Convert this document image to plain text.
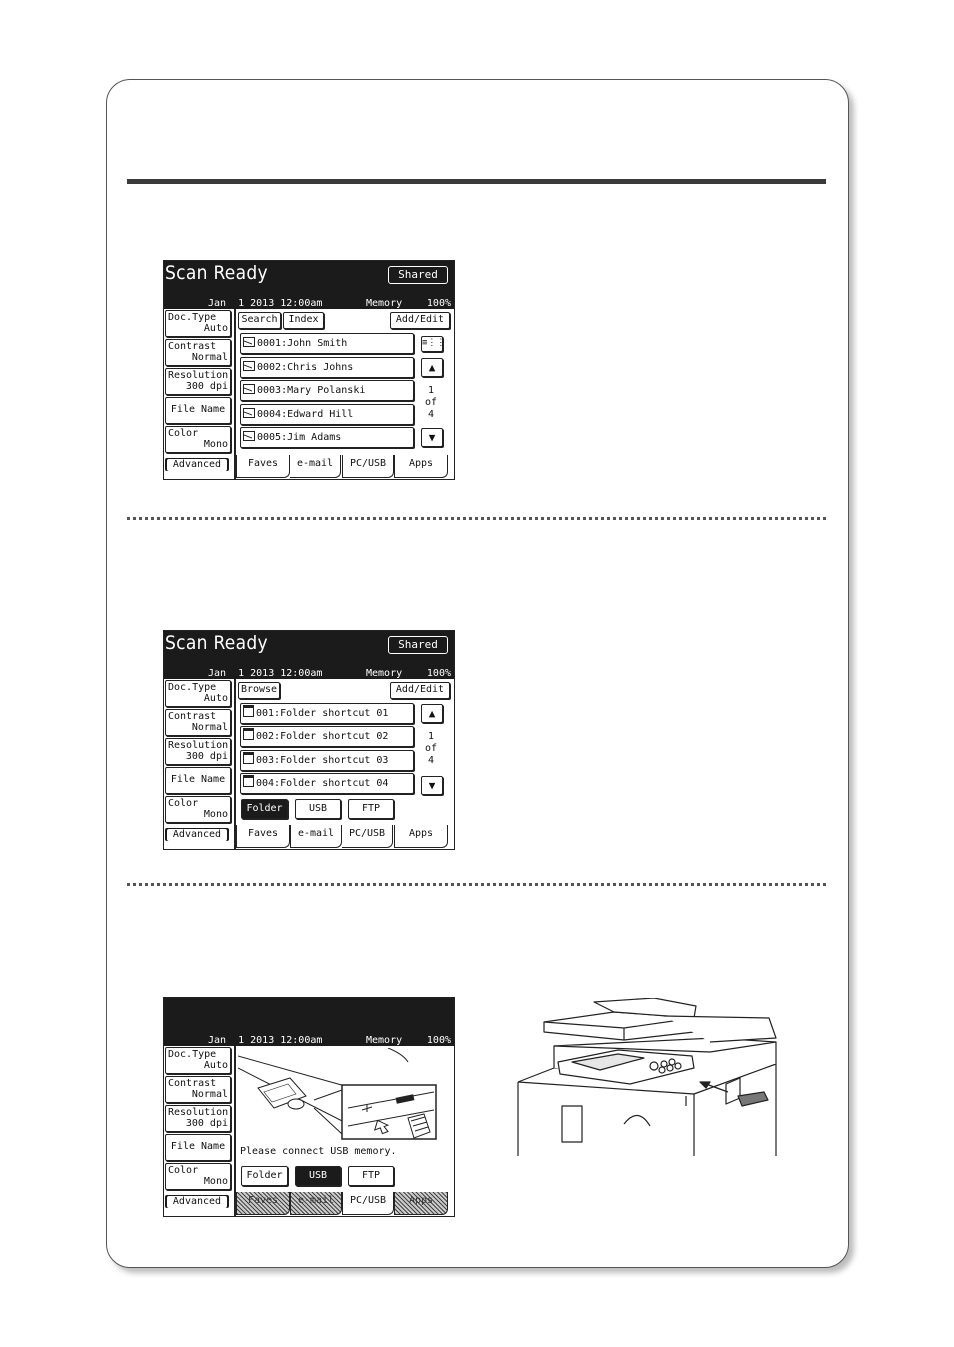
Scan Ready	Shared
Jan  1 2013 12:00am	Memory 100%
Doc.Type
Auto
Contrast
Normal
Resolution
300 dpi
File Name
Color
Mono
Advanced
Search	Index	Add/Edit
0001:John Smith
0002:Chris Johns
0003:Mary Polanski
0004:Edward Hill
0005:Jim Adams
≡⋮⋮
▲
1
of
4
▼
Faves	e-mail	PC/USB	Apps
Scan Ready	Shared
Jan  1 2013 12:00am	Memory 100%
Doc.Type
Auto
Contrast
Normal
Resolution
300 dpi
File Name
Color
Mono
Advanced
Browse	Add/Edit
001:Folder shortcut 01
002:Folder shortcut 02
003:Folder shortcut 03
004:Folder shortcut 04
▲
1
of
4
▼
Folder	USB	FTP
Faves	e-mail	PC/USB	Apps
Jan  1 2013 12:00am	Memory 100%
Doc.Type
Auto
Contrast
Normal
Resolution
300 dpi
File Name
Color
Mono
Advanced
Please connect USB memory.
Folder	USB	FTP
Faves	e-mail	PC/USB	Apps
